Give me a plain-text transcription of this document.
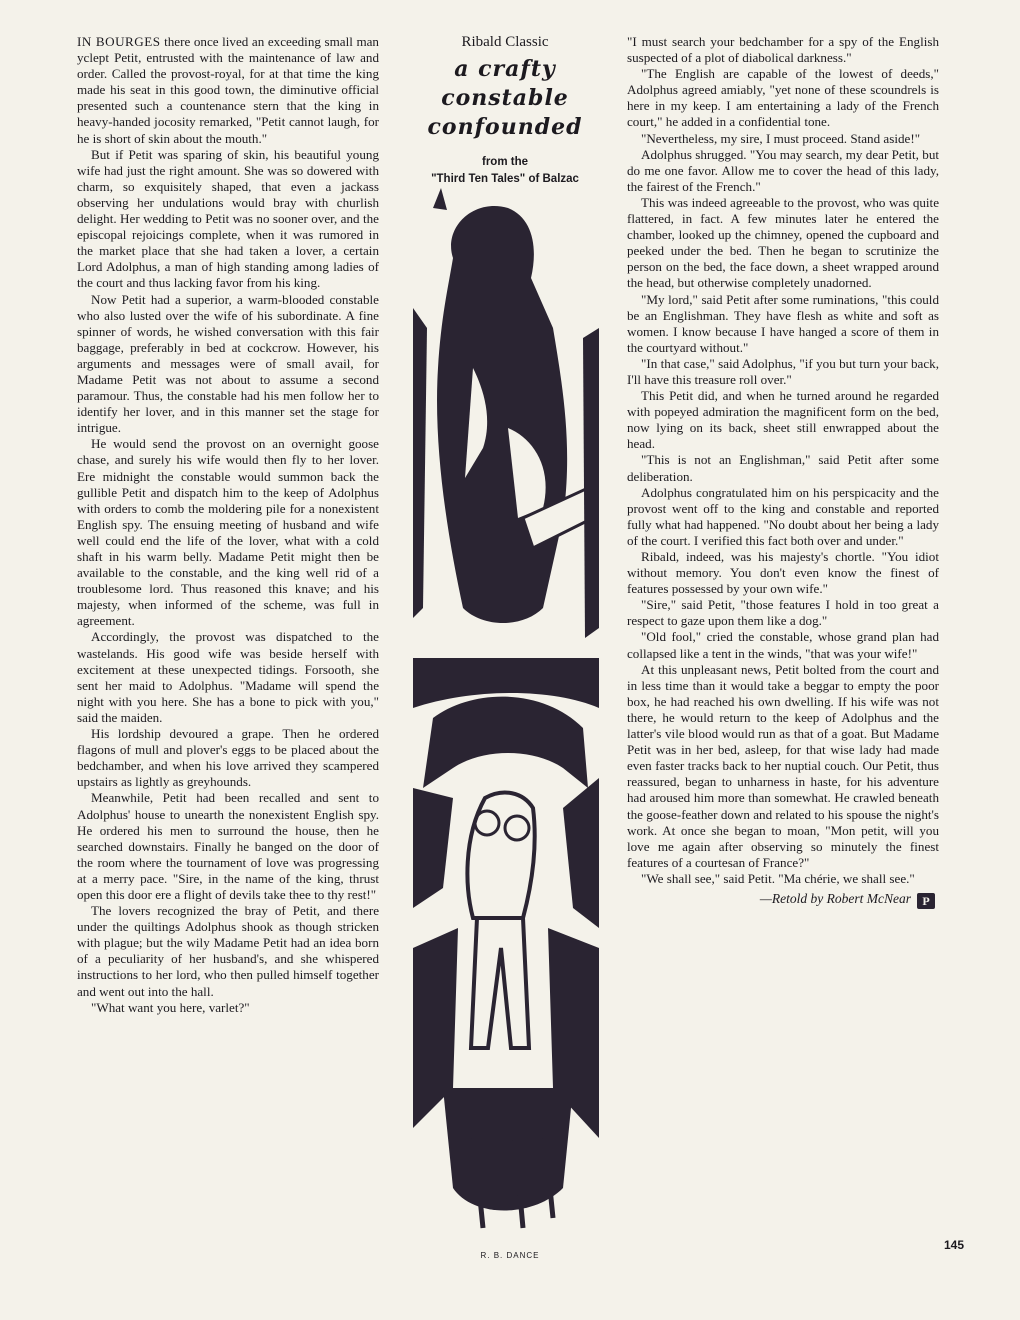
IN BOURGES there once lived an exceeding small man yclept Petit, entrusted with the maintenance of law and order. Called the provost-royal, for at that time the king made his seat in this good town, the diminutive official presented such a countenance stern that the king in heavy-handed jocosity remarked, "Petit cannot laugh, for he is short of skin about the mouth."

But if Petit was sparing of skin, his beautiful young wife had just the right amount. She was so dowered with charm, so exquisitely shaped, that even a jackass observing her undulations would bray with churlish delight. Her wedding to Petit was no sooner over, and the episcopal rejoicings complete, when it was rumored in the market place that she had taken a lover, a certain Lord Adolphus, a man of high standing among ladies of the court and thus lacking favor from his king.

Now Petit had a superior, a warm-blooded constable who also lusted over the wife of his subordinate. A fine spinner of words, he wished conversation with this fair baggage, preferably in bed at cockcrow. However, his arguments and messages were of small avail, for Madame Petit was not about to assume a second paramour. Thus, the constable had his men follow her to identify her lover, and in this manner set the stage for intrigue.

He would send the provost on an overnight goose chase, and surely his wife would then fly to her lover. Ere midnight the constable would summon back the gullible Petit and dispatch him to the keep of Adolphus with orders to comb the moldering pile for a nonexistent English spy. The ensuing meeting of husband and wife well could end the life of the lover, what with a cold shaft in his warm belly. Madame Petit might then be available to the constable, and the king well rid of a troublesome lord. Thus reasoned this knave; and his majesty, when informed of the scheme, was full in agreement.

Accordingly, the provost was dispatched to the wastelands. His good wife was beside herself with excitement at these unexpected tidings. Forsooth, she sent her maid to Adolphus. "Madame will spend the night with you here. She has a bone to pick with you," said the maiden.

His lordship devoured a grape. Then he ordered flagons of mull and plover's eggs to be placed about the bedchamber, and when his love arrived they scampered upstairs as lightly as greyhounds.

Meanwhile, Petit had been recalled and sent to Adolphus' house to unearth the nonexistent English spy. He ordered his men to surround the house, then he searched downstairs. Finally he banged on the door of the room where the tournament of love was progressing at a merry pace. "Sire, in the name of the king, thrust open this door ere a flight of devils take thee to thy rest!"

The lovers recognized the bray of Petit, and there under the quiltings Adolphus shook as though stricken with plague; but the wily Madame Petit had an idea born of a peculiarity of her husband's, and she whispered instructions to her lord, who then pulled himself together and went out into the hall.

"What want you here, varlet?"

Ribald Classic
a crafty
constable
confounded
from the
"Third Ten Tales" of Balzac
R. B. DANCE

"I must search your bedchamber for a spy of the English suspected of a plot of diabolical darkness."

"The English are capable of the lowest of deeds," Adolphus agreed amiably, "yet none of these scoundrels is here in my keep. I am entertaining a lady of the French court," he added in a confidential tone.

"Nevertheless, my sire, I must proceed. Stand aside!"

Adolphus shrugged. "You may search, my dear Petit, but do me one favor. Allow me to cover the head of this lady, the fairest of the French."

This was indeed agreeable to the provost, who was quite flattered, in fact. A few minutes later he entered the chamber, looked up the chimney, opened the cupboard and peeked under the bed. Then he began to scrutinize the person on the bed, the face down, a sheet wrapped around the head, but otherwise completely unadorned.

"My lord," said Petit after some ruminations, "this could be an Englishman. They have flesh as white and soft as women. I know because I have hanged a score of them in the courtyard without."

"In that case," said Adolphus, "if you but turn your back, I'll have this treasure roll over."

This Petit did, and when he turned around he regarded with popeyed admiration the magnificent form on the bed, now lying on its back, sheet still enwrapped about the head.

"This is not an Englishman," said Petit after some deliberation.

Adolphus congratulated him on his perspicacity and the provost went off to the king and constable and reported fully what had happened. "No doubt about her being a lady of the court. I verified this fact both over and under."

Ribald, indeed, was his majesty's chortle. "You idiot without memory. You don't even know the finest of features possessed by your own wife."

"Sire," said Petit, "those features I hold in too great a respect to gaze upon them like a dog."

"Old fool," cried the constable, whose grand plan had collapsed like a tent in the winds, "that was your wife!"

At this unpleasant news, Petit bolted from the court and in less time than it would take a beggar to empty the poor box, he had reached his own dwelling. If his wife was not there, he would return to the keep of Adolphus and the latter's vile blood would run as that of a goat. But Madame Petit was in her bed, asleep, for that wise lady had made even faster tracks back to her nuptial couch. Our Petit, thus reassured, began to unharness in haste, for his adventure had aroused him more than somewhat. He crawled beneath the goose-feather down and related to his spouse the night's work. At once she began to moan, "Mon petit, will you love me again after observing so minutely the finest features of a courtesan of France?"

"We shall see," said Petit. "Ma chérie, we shall see."

—Retold by Robert McNear P
145
